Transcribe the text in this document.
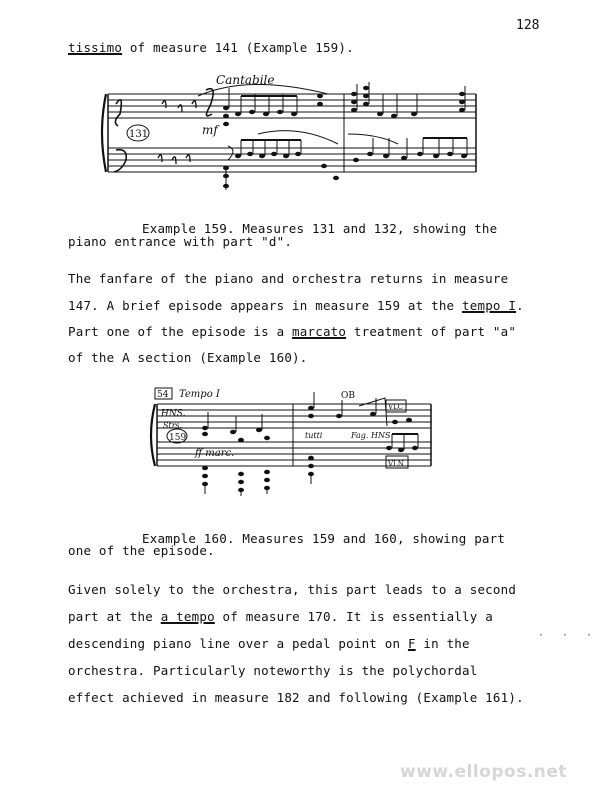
128
tissimo of measure 141 (Example 159).
Cantabile
mf
131
Example 159. Measures 131 and 132, showing the
piano entrance with part "d".
The fanfare of the piano and orchestra returns in measure
147. A brief episode appears in measure 159 at the tempo I.
Part one of the episode is a marcato treatment of part "a"
of the A section (Example 160).
54 Tempo I
HNS.
Strs.
159
ff marc.
OB
tutti	Fag. HNS
VLC
VLN
Example 160. Measures 159 and 160, showing part
one of the episode.
Given solely to the orchestra, this part leads to a second
part at the a tempo of measure 170. It is essentially a
descending piano line over a pedal point on F in the
orchestra. Particularly noteworthy is the polychordal
effect achieved in measure 182 and following (Example 161).
· · ·
www.ellopos.net
